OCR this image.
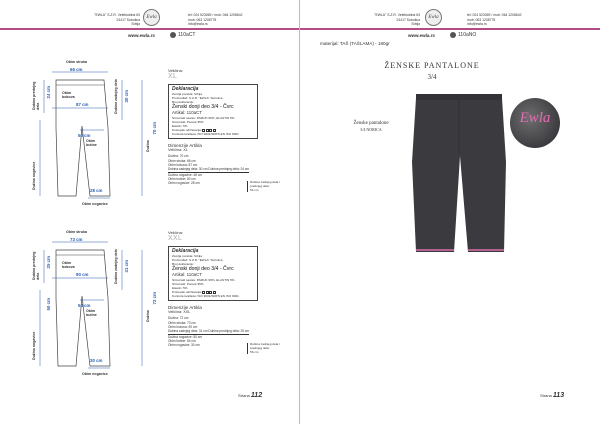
"EWLA" S.Z.R. Veleblubina 63
24417 Subotica
Srbija
Ewla	tel: 024 523069 / mob: 064 1208642
mob: 063 1208778
info@ewla.rs
www.ewla.rs	110aCT
Obim struka
66 cm
Obim bokova
87 cm
Dubina prednjeg dela
24 cm	Dubina zadnjeg dela 30 cm
Dužina nogavice
Dužina
70 cm
50 cm
Obim butine
28 cm
Obim nogavice
Veličina:
XL
Deklaracija
Zemlja porekla: Srbija
Proizvođač: S.Z.R. "EWLA" Subotica
Broj deklaracije:
Ženski donji deo 3/4 - Čvrc
Artikal: 110aCT
Sirovinski sastav: PAMUK 95%, ELASTIN 5%
Sirovinski: Pamuk 95%
Elastin: 5%
Postupak održavanja:
Kontrola kvaliteta: ISO 9001/SRPS EN ISO 9001
Dimenzije Artikla
Veličina: XL
Dužina: 70 cm
Obim struka: 66 cm
Obim bokova: 87 cm
Dubina zadnjeg dela: 30 cm Dubina prednjeg dela: 24 cm
Dužina nogavice: 48 cm
Obim butine: 50 cm
Obim nogavice: 28 cm	Dubina zadnjeg dela /
prednjeg dela:
54 cm
Obim struka
73 cm
Obim bokova
90 cm
Dubina prednjeg dela
25 cm	Dubina zadnjeg dela 31 cm
Dužina nogavice
50 cm
Dužina
72 cm
54 cm
Obim butine
30 cm
Obim nogavice
Veličina:
XXL
Deklaracija
Zemlja porekla: Srbija
Proizvođač: S.Z.R. "EWLA" Subotica
Broj deklaracije:
Ženski donji deo 3/4 - Čvrc
Artikal: 110aCT
Sirovinski sastav: PAMUK 95%, ELASTIN 5%
Sirovinski: Pamuk 95%
Elastin: 5%
Postupak održavanja:
Kontrola kvaliteta: ISO 9001/SRPS EN ISO 9001
Dimenzije Artikla
Veličina: XXL
Dužina: 72 cm
Obim struka: 73 cm
Obim bokova: 90 cm
Dubina zadnjeg dela: 31 cm Dubina prednjeg dela: 25 cm
Dužina nogavice: 50 cm
Obim butine: 54 cm
Obim nogavice: 30 cm	Dubina zadnjeg dela /
prednjeg dela:
56 cm
Strana 112
"EWLA" S.Z.R. Veleblubina 63
24417 Subotica
Srbija
Ewla	tel: 024 523069 / mob: 064 1208642
mob: 063 1208778
info@ewla.rs
www.ewla.rs	110aNO
materijal: TAŠ (TAŠLAMA) - 180gr
ŽENSKE PANTALONE
3/4
Ženske pantalone
3/4 NORICA
Ewla
Strana 113
